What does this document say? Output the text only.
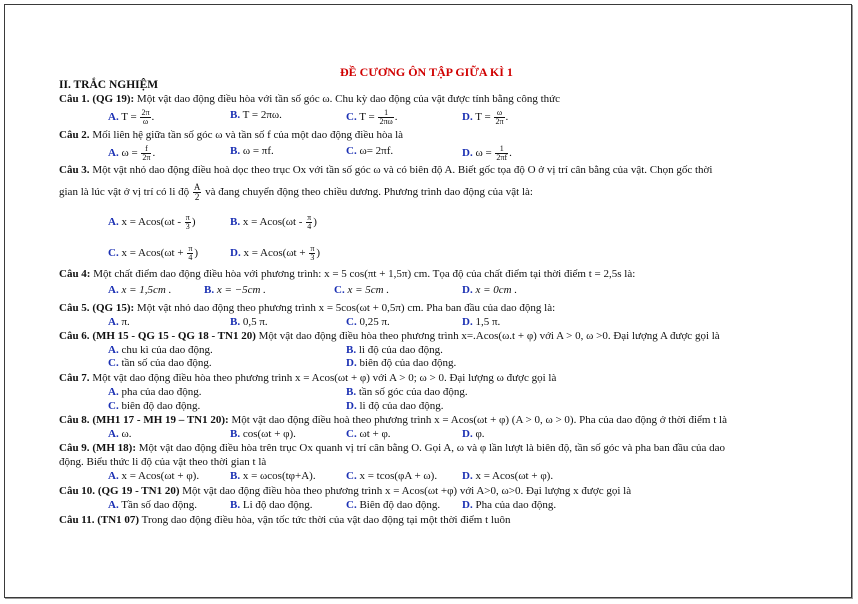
ĐỀ CƯƠNG ÔN TẬP GIỮA KÌ 1
II. TRẮC NGHIỆM
Câu 1. (QG 19): Một vật dao động điều hòa với tần số góc ω. Chu kỳ dao động của vật được tính bằng công thức
A. $T = \frac{2\pi}{\omega}$ .	B. T = 2πω.	C. $T = \frac{1}{2\pi\omega}$ .	D. $T = \frac{\omega}{2\pi}$ .
Câu 2. Mối liên hệ giữa tần số góc ω và tần số f của một dao động điều hòa là
A. $\omega = \frac{f}{2\pi}$ .	B. ω = πf.	C. ω= 2πf.	D. $\omega = \frac{1}{2\pi f}$ .
Câu 3. Một vật nhỏ dao động điều hoà dọc theo trục Ox với tần số góc ω và có biên độ A. Biết gốc tọa độ O ở vị trí cân bằng của vật. Chọn gốc thời
gian là lúc vật ở vị trí có li độ $\frac{A}{2}$ và đang chuyển động theo chiều dương. Phương trình dao động của vật là:
A. $x = Acos(\omega t - \frac{\pi}{3}$ )	B. $x = Acos(\omega t - \frac{\pi}{4}$ )
C. $x = Acos(\omega t + \frac{\pi}{4}$ )	D. $x = Acos(\omega t + \frac{\pi}{3}$ )
Câu 4: Một chất điểm dao động điều hòa với phương trình: x = 5 cos(πt + 1,5π) cm. Tọa độ của chất điểm tại thời điểm t = 2,5s là:
A. x = 1,5cm .	B. x = −5cm .	C. x = 5cm .	D. x = 0cm .
Câu 5. (QG 15): Một vật nhỏ dao động theo phương trình x = 5cos(ωt + 0,5π) cm. Pha ban đầu của dao động là:
A. π.	B. 0,5 π.	C. 0,25 π.	D. 1,5 π.
Câu 6. (MH 15 - QG 15 - QG 18 - TN1 20) Một vật dao động điều hòa theo phương trình x=.Acos(ω.t + φ) với A > 0, ω >0. Đại lượng A được gọi là
A. chu kì của dao động.	B. li độ của dao động.
C. tần số của dao động.	D. biên độ của dao động.
Câu 7. Một vật dao động điều hòa theo phương trình x = Acos(ωt + φ) với A > 0; ω > 0. Đại lượng ω được gọi là
A. pha của dao động.	B. tần số góc của dao động.
C. biên độ dao động.	D. li độ của dao động.
Câu 8. (MH1 17 - MH 19 – TN1 20): Một vật dao động điều hoà theo phương trình x = Acos(ωt + φ) (A > 0, ω > 0). Pha của dao động ở thời điểm t là
A. ω.	B. cos(ωt + φ).	C. ωt + φ.	D. φ.
Câu 9. (MH 18): Một vật dao động điều hòa trên trục Ox quanh vị trí cân bằng O. Gọi A, ω và φ lần lượt là biên độ, tần số góc và pha ban đầu của dao
động. Biểu thức li độ của vật theo thời gian t là
A. x = Acos(ωt + φ).	B. x = ωcos(tφ+A).	C. x = tcos(φA + ω). D. x = Acos(ωt + φ).
Câu 10. (QG 19 - TN1 20) Một vật dao động điều hòa theo phương trình x = Acos(ωt +φ) với A>0, ω>0. Đại lượng x được gọi là
A. Tần số dao động.	B. Li độ dao động.	C. Biên độ dao động. D. Pha của dao động.
Câu 11. (TN1 07) Trong dao động điều hòa, vận tốc tức thời của vật dao động tại một thời điểm t luôn
